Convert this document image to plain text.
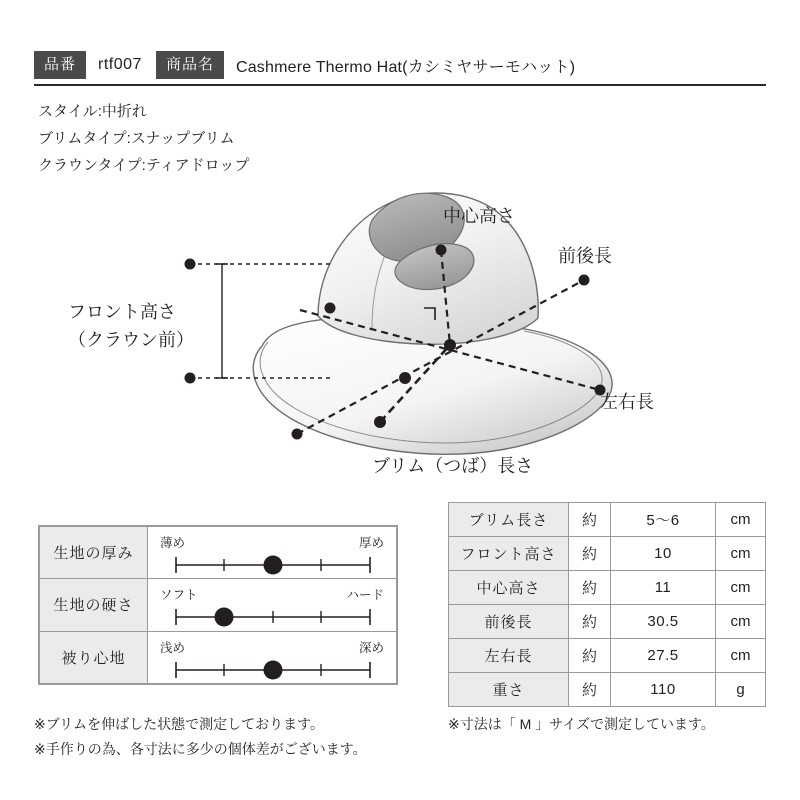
品番	rtf007	商品名	Cashmere Thermo Hat(カシミヤサーモハット)
スタイル:中折れ
ブリムタイプ:スナップブリム
クラウンタイプ:ティアドロップ
中心高さ
前後長
左右長
フロント高さ
（クラウン前）
ブリム（つば）長さ
生地の厚み	薄め 厚め

生地の硬さ	ソフト ハード

被り心地	浅め 深め
ブリム長さ	約	5〜6	cm
フロント高さ	約	10	cm
中心高さ	約	11	cm
前後長	約	30.5	cm
左右長	約	27.5	cm
重さ	約	110	g
※ブリムを伸ばした状態で測定しております。
※手作りの為、各寸法に多少の個体差がございます。
※寸法は「 M 」サイズで測定しています。
